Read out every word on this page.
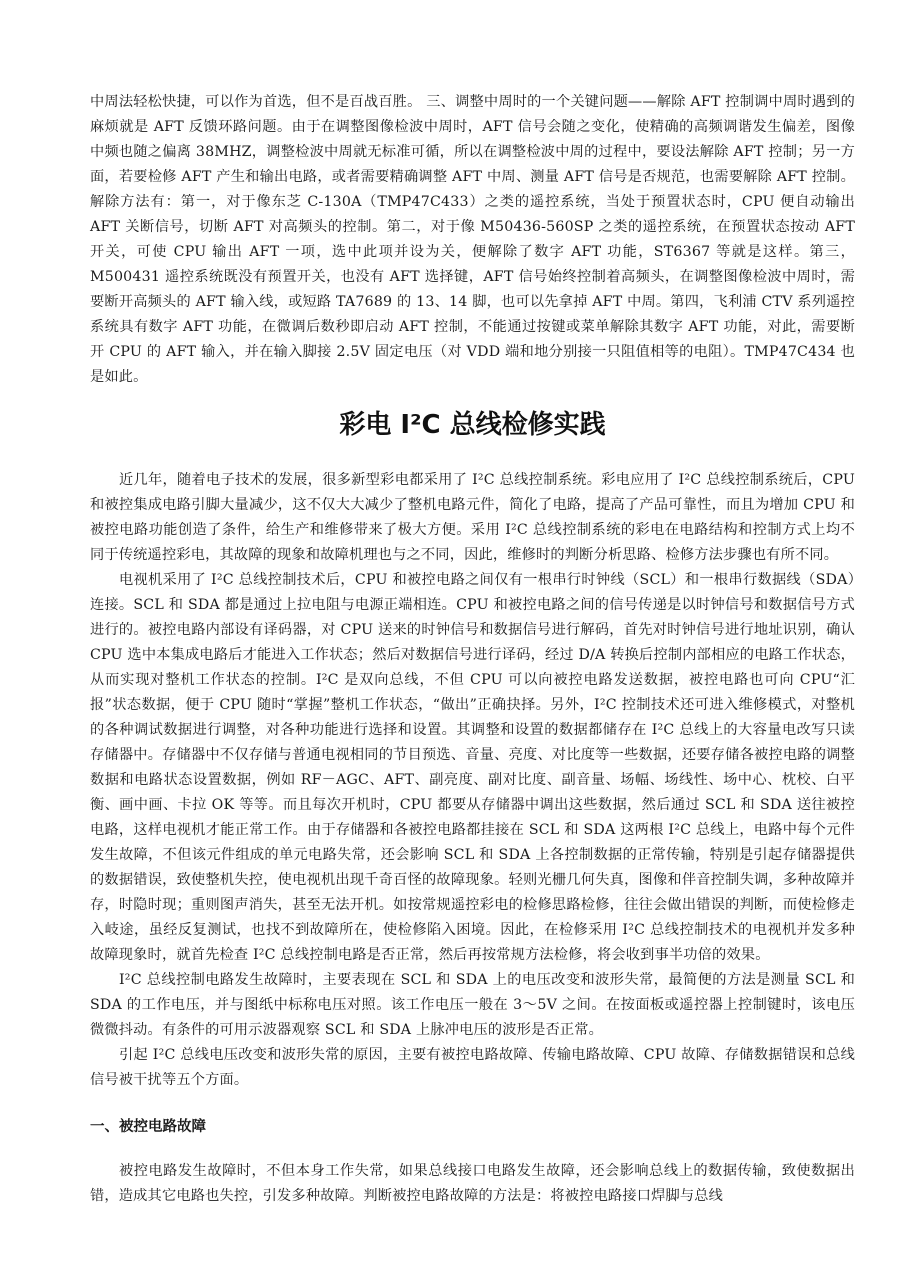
中周法轻松快捷，可以作为首选，但不是百战百胜。 三、调整中周时的一个关键问题——解除 AFT 控制调中周时遇到的麻烦就是 AFT 反馈环路问题。由于在调整图像检波中周时，AFT 信号会随之变化，使精确的高频调谐发生偏差，图像中频也随之偏离 38MHZ，调整检波中周就无标准可循，所以在调整检波中周的过程中，要设法解除 AFT 控制；另一方面，若要检修 AFT 产生和输出电路，或者需要精确调整 AFT 中周、测量 AFT 信号是否规范，也需要解除 AFT 控制。解除方法有：第一，对于像东芝 C-130A（TMP47C433）之类的遥控系统，当处于预置状态时，CPU 便自动输出 AFT 关断信号，切断 AFT 对高频头的控制。第二，对于像 M50436-560SP 之类的遥控系统，在预置状态按动 AFT 开关，可使 CPU 输出 AFT 一项，选中此项并设为关，便解除了数字 AFT 功能，ST6367 等就是这样。第三，M500431 遥控系统既没有预置开关，也没有 AFT 选择键，AFT 信号始终控制着高频头，在调整图像检波中周时，需要断开高频头的 AFT 输入线，或短路 TA7689 的 13、14 脚，也可以先拿掉 AFT 中周。第四，飞利浦 CTV 系列遥控系统具有数字 AFT 功能，在微调后数秒即启动 AFT 控制，不能通过按键或菜单解除其数字 AFT 功能，对此，需要断开 CPU 的 AFT 输入，并在输入脚接 2.5V 固定电压（对 VDD 端和地分别接一只阻值相等的电阻）。TMP47C434 也是如此。

彩电 I²C 总线检修实践

近几年，随着电子技术的发展，很多新型彩电都采用了 I²C 总线控制系统。彩电应用了 I²C 总线控制系统后，CPU 和被控集成电路引脚大量减少，这不仅大大减少了整机电路元件，简化了电路，提高了产品可靠性，而且为增加 CPU 和被控电路功能创造了条件，给生产和维修带来了极大方便。采用 I²C 总线控制系统的彩电在电路结构和控制方式上均不同于传统遥控彩电，其故障的现象和故障机理也与之不同，因此，维修时的判断分析思路、检修方法步骤也有所不同。

电视机采用了 I²C 总线控制技术后，CPU 和被控电路之间仅有一根串行时钟线（SCL）和一根串行数据线（SDA）连接。SCL 和 SDA 都是通过上拉电阻与电源正端相连。CPU 和被控电路之间的信号传递是以时钟信号和数据信号方式进行的。被控电路内部设有译码器，对 CPU 送来的时钟信号和数据信号进行解码，首先对时钟信号进行地址识别，确认 CPU 选中本集成电路后才能进入工作状态；然后对数据信号进行译码，经过 D/A 转换后控制内部相应的电路工作状态，从而实现对整机工作状态的控制。I²C 是双向总线，不但 CPU 可以向被控电路发送数据，被控电路也可向 CPU“汇报”状态数据，便于 CPU 随时“掌握”整机工作状态，“做出”正确抉择。另外，I²C 控制技术还可进入维修模式，对整机的各种调试数据进行调整，对各种功能进行选择和设置。其调整和设置的数据都储存在 I²C 总线上的大容量电改写只读存储器中。存储器中不仅存储与普通电视相同的节目预选、音量、亮度、对比度等一些数据，还要存储各被控电路的调整数据和电路状态设置数据，例如 RF－AGC、AFT、副亮度、副对比度、副音量、场幅、场线性、场中心、枕校、白平衡、画中画、卡拉 OK 等等。而且每次开机时，CPU 都要从存储器中调出这些数据，然后通过 SCL 和 SDA 送往被控电路，这样电视机才能正常工作。由于存储器和各被控电路都挂接在 SCL 和 SDA 这两根 I²C 总线上，电路中每个元件发生故障，不但该元件组成的单元电路失常，还会影响 SCL 和 SDA 上各控制数据的正常传输，特别是引起存储器提供的数据错误，致使整机失控，使电视机出现千奇百怪的故障现象。轻则光栅几何失真，图像和伴音控制失调，多种故障并存，时隐时现；重则图声消失，甚至无法开机。如按常规遥控彩电的检修思路检修，往往会做出错误的判断，而使检修走入岐途，虽经反复测试，也找不到故障所在，使检修陷入困境。因此，在检修采用 I²C 总线控制技术的电视机并发多种故障现象时，就首先检查 I²C 总线控制电路是否正常，然后再按常规方法检修，将会收到事半功倍的效果。

I²C 总线控制电路发生故障时，主要表现在 SCL 和 SDA 上的电压改变和波形失常，最简便的方法是测量 SCL 和 SDA 的工作电压，并与图纸中标称电压对照。该工作电压一般在 3～5V 之间。在按面板或遥控器上控制键时，该电压微微抖动。有条件的可用示波器观察 SCL 和 SDA 上脉冲电压的波形是否正常。

引起 I²C 总线电压改变和波形失常的原因，主要有被控电路故障、传输电路故障、CPU 故障、存储数据错误和总线信号被干扰等五个方面。

一、被控电路故障

被控电路发生故障时，不但本身工作失常，如果总线接口电路发生故障，还会影响总线上的数据传输，致使数据出错，造成其它电路也失控，引发多种故障。判断被控电路故障的方法是：将被控电路接口焊脚与总线
